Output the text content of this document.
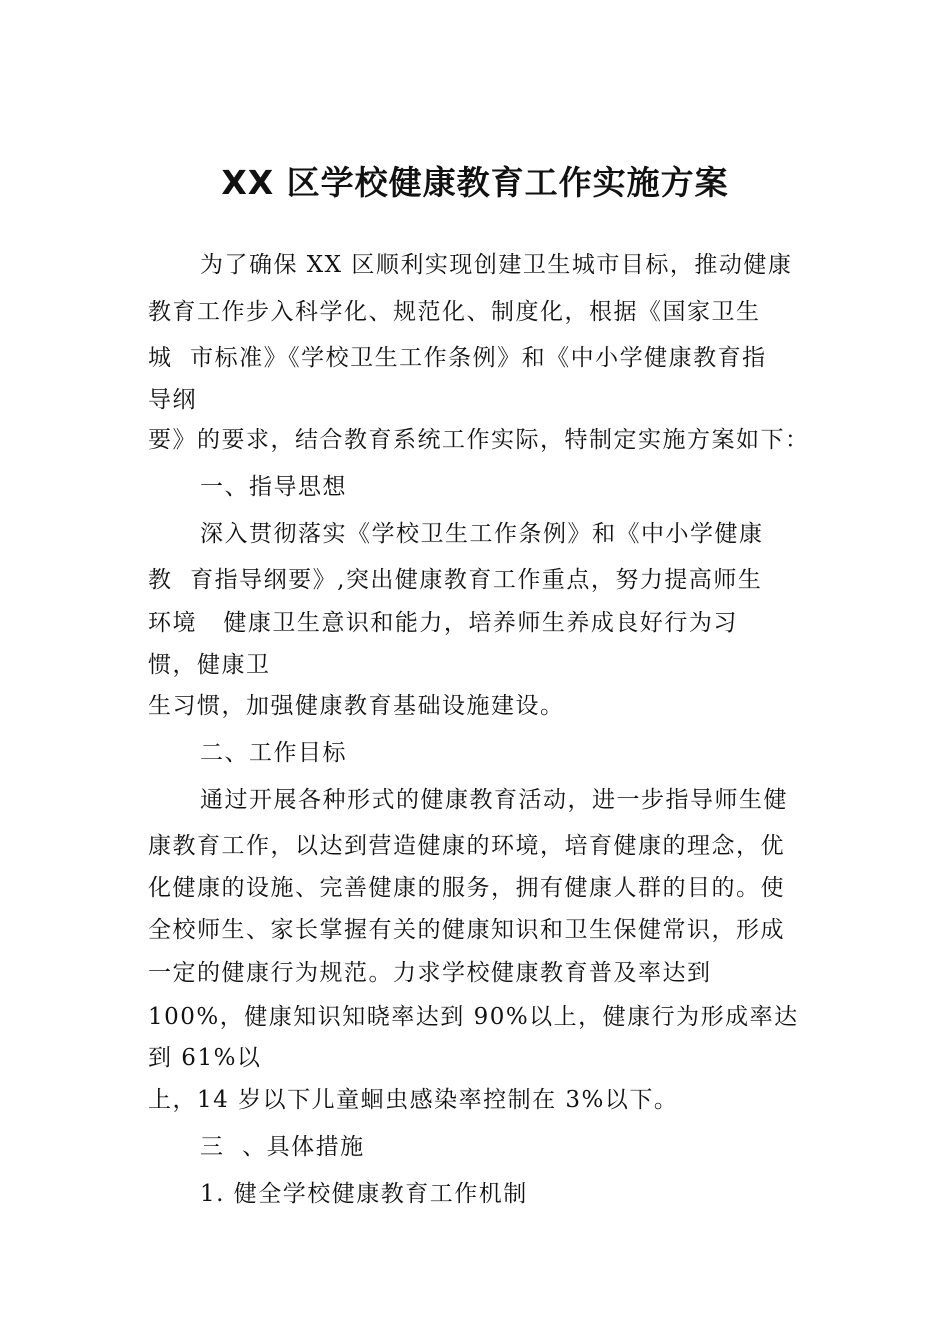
XX 区学校健康教育工作实施方案
为了确保 XX 区顺利实现创建卫生城市目标，推动健康
教育工作步入科学化、规范化、制度化，根据《国家卫生
城  市标准》《学校卫生工作条例》和《中小学健康教育指
导纲
要》的要求，结合教育系统工作实际，特制定实施方案如下：
一、指导思想
深入贯彻落实《学校卫生工作条例》和《中小学健康
教  育指导纲要》,突出健康教育工作重点，努力提高师生
环境   健康卫生意识和能力，培养师生养成良好行为习
惯，健康卫
生习惯，加强健康教育基础设施建设。
二、工作目标
通过开展各种形式的健康教育活动，进一步指导师生健
康教育工作，以达到营造健康的环境，培育健康的理念，优
化健康的设施、完善健康的服务，拥有健康人群的目的。使
全校师生、家长掌握有关的健康知识和卫生保健常识，形成
一定的健康行为规范。力求学校健康教育普及率达到
100%，健康知识知晓率达到 90%以上，健康行为形成率达
到 61%以
上，14 岁以下儿童蛔虫感染率控制在 3%以下。
三  、具体措施
1. 健全学校健康教育工作机制
